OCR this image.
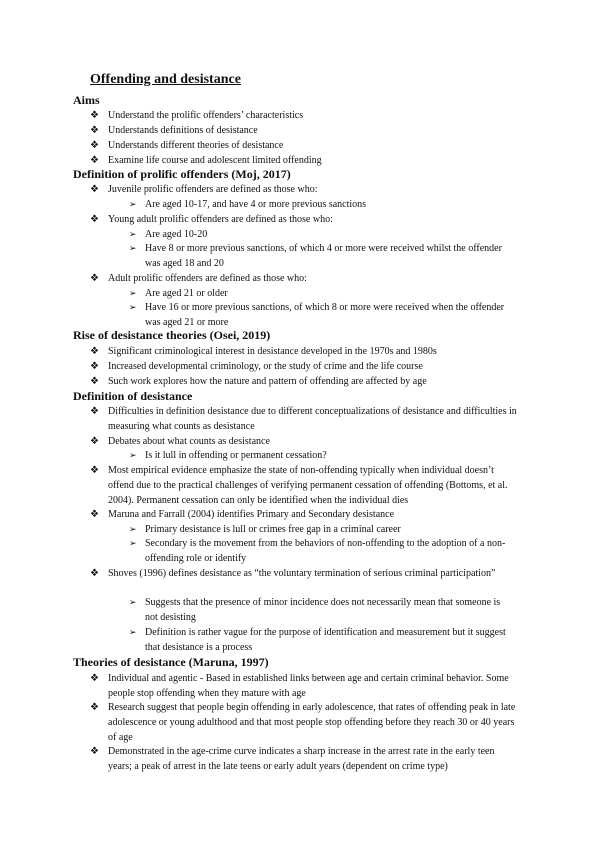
Offending and desistance
Aims
❖ Understand the prolific offenders’ characteristics
❖ Understands definitions of desistance
❖ Understands different theories of desistance
❖ Examine life course and adolescent limited offending
Definition of prolific offenders (Moj, 2017)
❖ Juvenile prolific offenders are defined as those who:
➢ Are aged 10-17, and have 4 or more previous sanctions
❖ Young adult prolific offenders are defined as those who:
➢ Are aged 10-20
➢ Have 8 or more previous sanctions, of which 4 or more were received whilst the offender was aged 18 and 20
❖ Adult prolific offenders are defined as those who:
➢ Are aged 21 or older
➢ Have 16 or more previous sanctions, of which 8 or more were received when the offender was aged 21 or more
Rise of desistance theories (Osei, 2019)
❖ Significant criminological interest in desistance developed in the 1970s and 1980s
❖ Increased developmental criminology, or the study of crime and the life course
❖ Such work explores how the nature and pattern of offending are affected by age
Definition of desistance
❖ Difficulties in definition desistance due to different conceptualizations of desistance and difficulties in measuring what counts as desistance
❖ Debates about what counts as desistance
➢ Is it lull in offending or permanent cessation?
❖ Most empirical evidence emphasize the state of non-offending typically when individual doesn’t offend due to the practical challenges of verifying permanent cessation of offending (Bottoms, et al. 2004). Permanent cessation can only be identified when the individual dies
❖ Maruna and Farrall (2004) identifies Primary and Secondary desistance
➢ Primary desistance is lull or crimes free gap in a criminal career
➢ Secondary is the movement from the behaviors of non-offending to the adoption of a non-offending role or identify
❖ Shoves (1996) defines desistance as “the voluntary termination of serious criminal participation”
➢ Suggests that the presence of minor incidence does not necessarily mean that someone is not desisting
➢ Definition is rather vague for the purpose of identification and measurement but it suggest that desistance is a process
Theories of desistance (Maruna, 1997)
❖ Individual and agentic - Based in established links between age and certain criminal behavior. Some people stop offending when they mature with age
❖ Research suggest that people begin offending in early adolescence, that rates of offending peak in late adolescence or young adulthood and that most people stop offending before they reach 30 or 40 years of age
❖ Demonstrated in the age-crime curve indicates a sharp increase in the arrest rate in the early teen years; a peak of arrest in the late teens or early adult years (dependent on crime type)
